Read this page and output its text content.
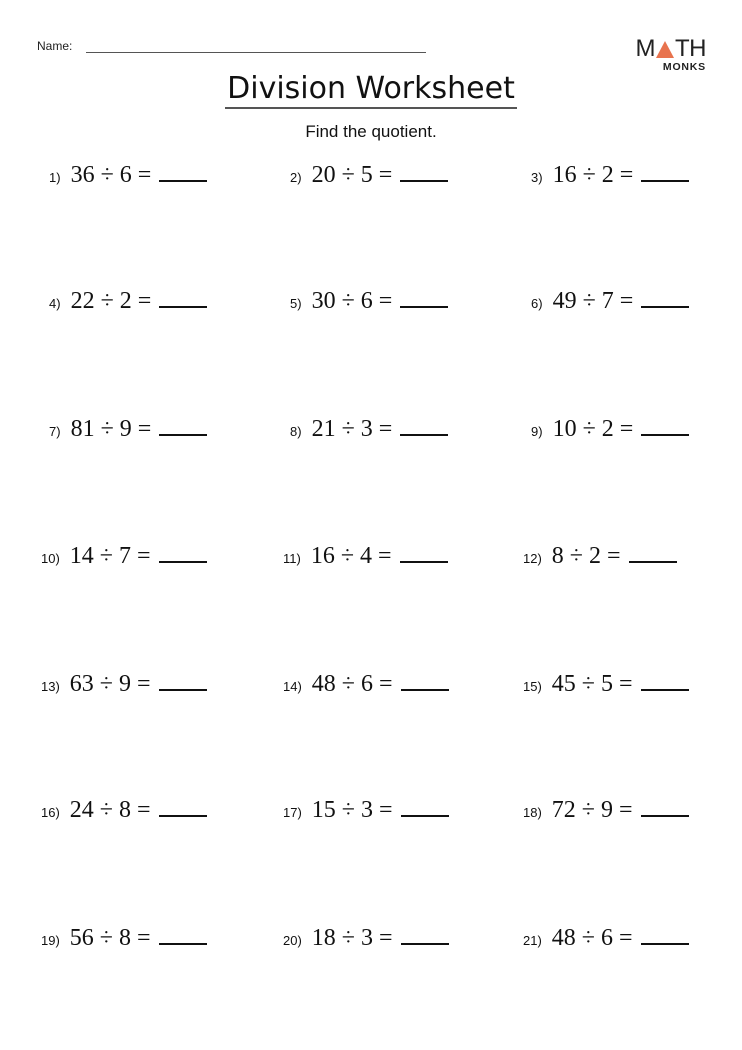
Name:	M TH
MONKS
Division Worksheet
Find the quotient.
1) 36 ÷ 6 =	2) 20 ÷ 5 =	3) 16 ÷ 2 =
4) 22 ÷ 2 =	5) 30 ÷ 6 =	6) 49 ÷ 7 =
7) 81 ÷ 9 =	8) 21 ÷ 3 =	9) 10 ÷ 2 =
10) 14 ÷ 7 =	11) 16 ÷ 4 =	12) 8 ÷ 2 =
13) 63 ÷ 9 =	14) 48 ÷ 6 =	15) 45 ÷ 5 =
16) 24 ÷ 8 =	17) 15 ÷ 3 =	18) 72 ÷ 9 =
19) 56 ÷ 8 =	20) 18 ÷ 3 =	21) 48 ÷ 6 =
